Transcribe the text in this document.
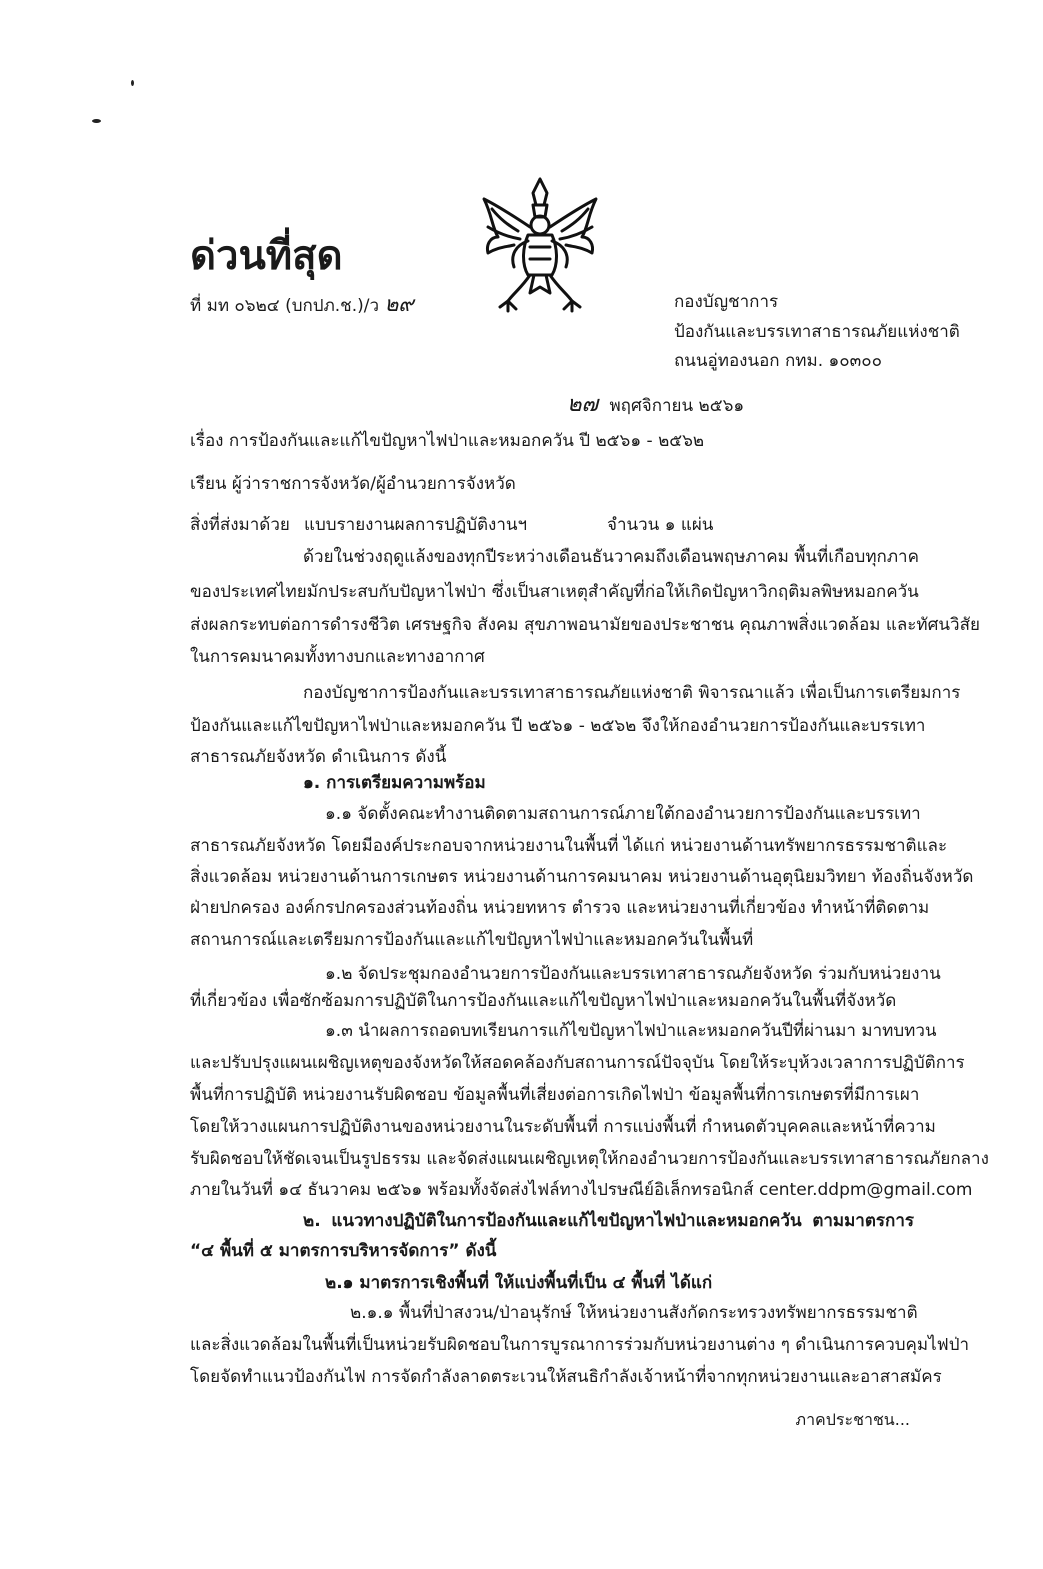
ด่วนที่สุด
ที่ มท ๐๖๒๔ (บกปภ.ช.)/ว ๒๙	กองบัญชาการ
ป้องกันและบรรเทาสาธารณภัยแห่งชาติ
ถนนอู่ทองนอก กทม. ๑๐๓๐๐
๒๗ พฤศจิกายน ๒๕๖๑
เรื่อง การป้องกันและแก้ไขปัญหาไฟป่าและหมอกควัน ปี ๒๕๖๑ - ๒๕๖๒
เรียน ผู้ว่าราชการจังหวัด/ผู้อำนวยการจังหวัด
สิ่งที่ส่งมาด้วย แบบรายงานผลการปฏิบัติงานฯ	จำนวน ๑ แผ่น
ด้วยในช่วงฤดูแล้งของทุกปีระหว่างเดือนธันวาคมถึงเดือนพฤษภาคม พื้นที่เกือบทุกภาค
ของประเทศไทยมักประสบกับปัญหาไฟป่า ซึ่งเป็นสาเหตุสำคัญที่ก่อให้เกิดปัญหาวิกฤติมลพิษหมอกควัน
ส่งผลกระทบต่อการดำรงชีวิต เศรษฐกิจ สังคม สุขภาพอนามัยของประชาชน คุณภาพสิ่งแวดล้อม และทัศนวิสัย
ในการคมนาคมทั้งทางบกและทางอากาศ
กองบัญชาการป้องกันและบรรเทาสาธารณภัยแห่งชาติ พิจารณาแล้ว เพื่อเป็นการเตรียมการ
ป้องกันและแก้ไขปัญหาไฟป่าและหมอกควัน ปี ๒๕๖๑ - ๒๕๖๒ จึงให้กองอำนวยการป้องกันและบรรเทา
สาธารณภัยจังหวัด ดำเนินการ ดังนี้
๑. การเตรียมความพร้อม
๑.๑ จัดตั้งคณะทำงานติดตามสถานการณ์ภายใต้กองอำนวยการป้องกันและบรรเทา
สาธารณภัยจังหวัด โดยมีองค์ประกอบจากหน่วยงานในพื้นที่ ได้แก่ หน่วยงานด้านทรัพยากรธรรมชาติและ
สิ่งแวดล้อม หน่วยงานด้านการเกษตร หน่วยงานด้านการคมนาคม หน่วยงานด้านอุตุนิยมวิทยา ท้องถิ่นจังหวัด
ฝ่ายปกครอง องค์กรปกครองส่วนท้องถิ่น หน่วยทหาร ตำรวจ และหน่วยงานที่เกี่ยวข้อง ทำหน้าที่ติดตาม
สถานการณ์และเตรียมการป้องกันและแก้ไขปัญหาไฟป่าและหมอกควันในพื้นที่
๑.๒ จัดประชุมกองอำนวยการป้องกันและบรรเทาสาธารณภัยจังหวัด ร่วมกับหน่วยงาน
ที่เกี่ยวข้อง เพื่อซักซ้อมการปฏิบัติในการป้องกันและแก้ไขปัญหาไฟป่าและหมอกควันในพื้นที่จังหวัด
๑.๓ นำผลการถอดบทเรียนการแก้ไขปัญหาไฟป่าและหมอกควันปีที่ผ่านมา มาทบทวน
และปรับปรุงแผนเผชิญเหตุของจังหวัดให้สอดคล้องกับสถานการณ์ปัจจุบัน โดยให้ระบุห้วงเวลาการปฏิบัติการ
พื้นที่การปฏิบัติ หน่วยงานรับผิดชอบ ข้อมูลพื้นที่เสี่ยงต่อการเกิดไฟป่า ข้อมูลพื้นที่การเกษตรที่มีการเผา
โดยให้วางแผนการปฏิบัติงานของหน่วยงานในระดับพื้นที่ การแบ่งพื้นที่ กำหนดตัวบุคคลและหน้าที่ความ
รับผิดชอบให้ชัดเจนเป็นรูปธรรม และจัดส่งแผนเผชิญเหตุให้กองอำนวยการป้องกันและบรรเทาสาธารณภัยกลาง
ภายในวันที่ ๑๔ ธันวาคม ๒๕๖๑ พร้อมทั้งจัดส่งไฟล์ทางไปรษณีย์อิเล็กทรอนิกส์ center.ddpm@gmail.com
๒. แนวทางปฏิบัติในการป้องกันและแก้ไขปัญหาไฟป่าและหมอกควัน ตามมาตรการ
“๔ พื้นที่ ๕ มาตรการบริหารจัดการ” ดังนี้
๒.๑ มาตรการเชิงพื้นที่ ให้แบ่งพื้นที่เป็น ๔ พื้นที่ ได้แก่
๒.๑.๑ พื้นที่ป่าสงวน/ป่าอนุรักษ์ ให้หน่วยงานสังกัดกระทรวงทรัพยากรธรรมชาติ
และสิ่งแวดล้อมในพื้นที่เป็นหน่วยรับผิดชอบในการบูรณาการร่วมกับหน่วยงานต่าง ๆ ดำเนินการควบคุมไฟป่า
โดยจัดทำแนวป้องกันไฟ การจัดกำลังลาดตระเวนให้สนธิกำลังเจ้าหน้าที่จากทุกหน่วยงานและอาสาสมัคร
ภาคประชาชน...
